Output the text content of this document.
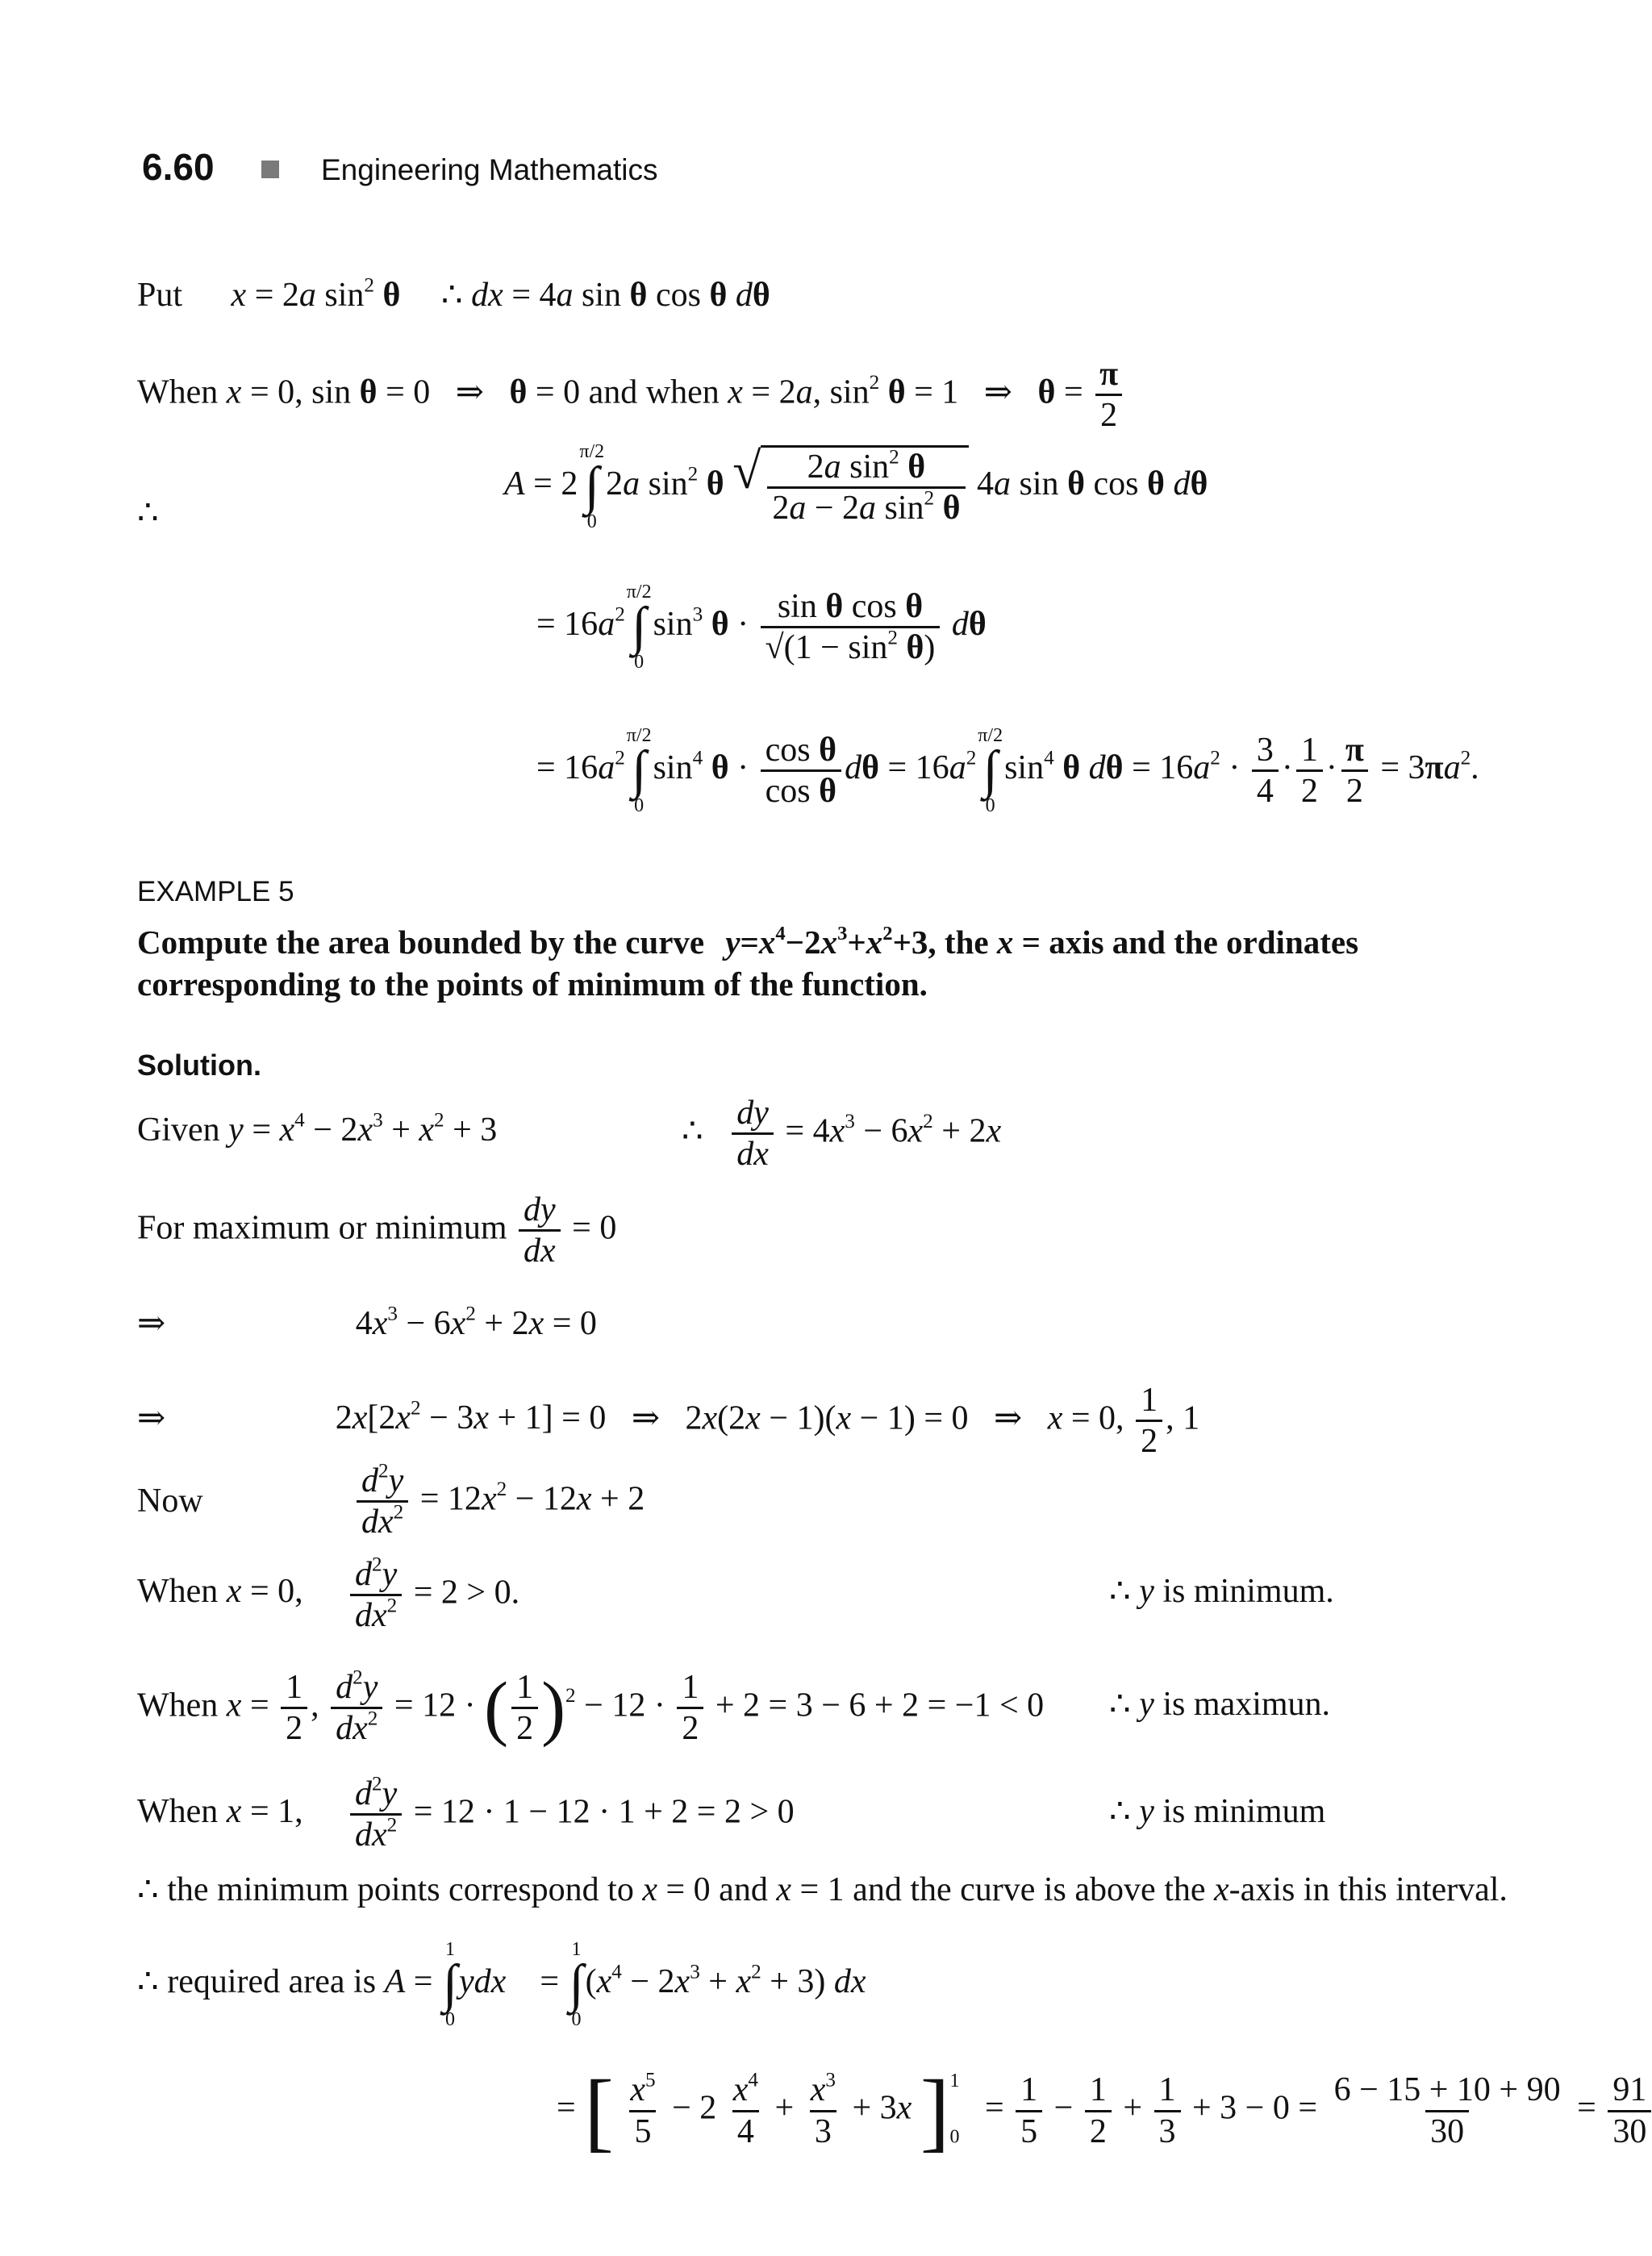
6.60	Engineering Mathematics
Put x = 2a $\sin^2 \theta$ ∴ dx = 4a sin θ cos θ dθ
When x = 0, sin θ = 0   ⇒   θ = 0 and when x = 2a, $\sin^2 \theta = 1$   ⇒   $\theta = \frac{\pi}{2}$
∴
A = 2
π/2
∫
0
2a $\sin^2 \theta$ √ $\frac{2a \sin^2 \theta}{2a - 2a \sin^2 \theta} 4a$ sin θ cos θ dθ
= $16a^2$
π/2
∫
0
$\sin^3 \theta \cdot \frac{\text{sin θ cos θ}}{√(1 - \sin^2 \theta)}$ dθ
= $16a^2$
π/2
∫
0
$\sin^4 \theta \cdot \frac{\text{cos θ}}{\text{cos θ}}$ $d\theta = 16a^2$
π/2
∫
0
$\sin^4 \theta$ $d\theta = 16a^2 \cdot \frac{3}{4} \cdot \frac{1}{2} \cdot \frac{\pi}{2} = 3\pi a^2$.
EXAMPLE 5
Compute the area bounded by the curve $y=x^4-2x^3+x^2+3$, the x = axis and the ordinates
corresponding to the points of minimum of the function.
Solution.
Given $y = x^4 - 2x^3 + x^2 + 3$	∴ $\frac{dy}{dx} = 4x^3 - 6x^2 + 2x$
For maximum or minimum $\frac{dy}{dx} = 0$
⇒	$4x^3 - 6x^2 + 2x = 0$
⇒	$2x[2x^2 - 3x + 1] = 0$   ⇒   2x(2x − 1)(x − 1) = 0   ⇒   x = 0, $\frac{1}{2}$ , 1
Now	$\frac{d^2y}{dx^2} = 12x^2 - 12x + 2$
When x = 0, $\frac{d^2y}{dx^2} = 2 > 0$.	∴ y is minimum.
When $x = \frac{1}{2}$ , $\frac{d^2y}{dx^2} = 12$ · ( $\frac{1}{2} )^2 - 12 \cdot \frac{1}{2} + 2 = 3 - 6 + 2 = -1 < 0$ ∴ y is maximun.
When x = 1, $\frac{d^2y}{dx^2} = 12 \cdot 1 - 12 \cdot 1 + 2 = 2 > 0$	∴ y is minimum
∴ the minimum points correspond to x = 0 and x = 1 and the curve is above the x-axis in this interval.
∴ required area is A =
1
∫
0
ydx    =
1
∫
0
$(x^4 - 2x^3 + x^2 + 3)$ dx
= [
$\frac{x^5}{5} - 2 \frac{x^4}{4} + \frac{x^3}{3} + 3x$ ] $_0^1 = \frac{1}{5} - \frac{1}{2} + \frac{1}{3} + 3 - 0 = \frac{6 - 15 + 10 + 90}{30} = \frac{91}{30}$
